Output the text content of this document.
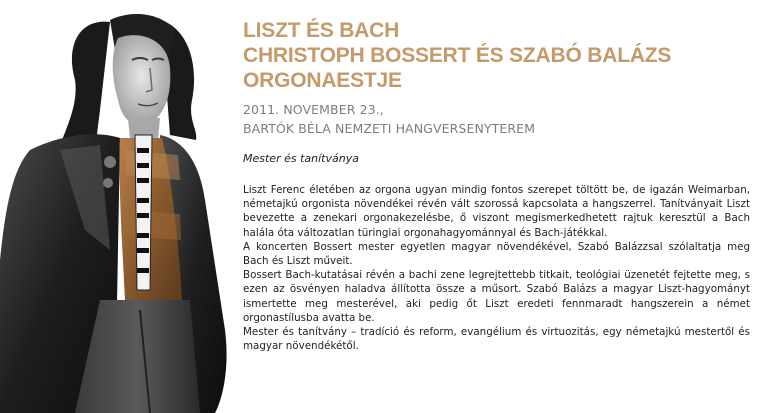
LISZT ÉS BACH
CHRISTOPH BOSSERT ÉS SZABÓ BALÁZS
ORGONAESTJE
2011. NOVEMBER 23.,
BARTÓK BÉLA NEMZETI HANGVERSENYTEREM
Mester és tanítványa

Liszt Ferenc életében az orgona ugyan mindig fontos szerepet töltött be, de igazán Weimarban, németajkú orgonista növendékei révén vált szorossá kapcsolata a hangszerrel. Tanítványait Liszt bevezette a zenekari orgonakezelésbe, ő viszont megismerkedhetett rajtuk keresztül a Bach halála óta változatlan türingiai orgonahagyománnyal és Bach-játékkal.

A koncerten Bossert mester egyetlen magyar növendékével, Szabó Balázzsal szólaltatja meg Bach és Liszt műveit.

Bossert Bach-kutatásai révén a bachi zene legrejtettebb titkait, teológiai üzenetét fejtette meg, s ezen az ösvényen haladva állította össze a műsort. Szabó Balázs a magyar Liszt-hagyományt ismertette meg mesterével, aki pedig őt Liszt eredeti fennmaradt hangszerein a német orgonastílusba avatta be.

Mester és tanítvány – tradíció és reform, evangélium és virtuozitás, egy németajkú mestertől és magyar növendékétől.
